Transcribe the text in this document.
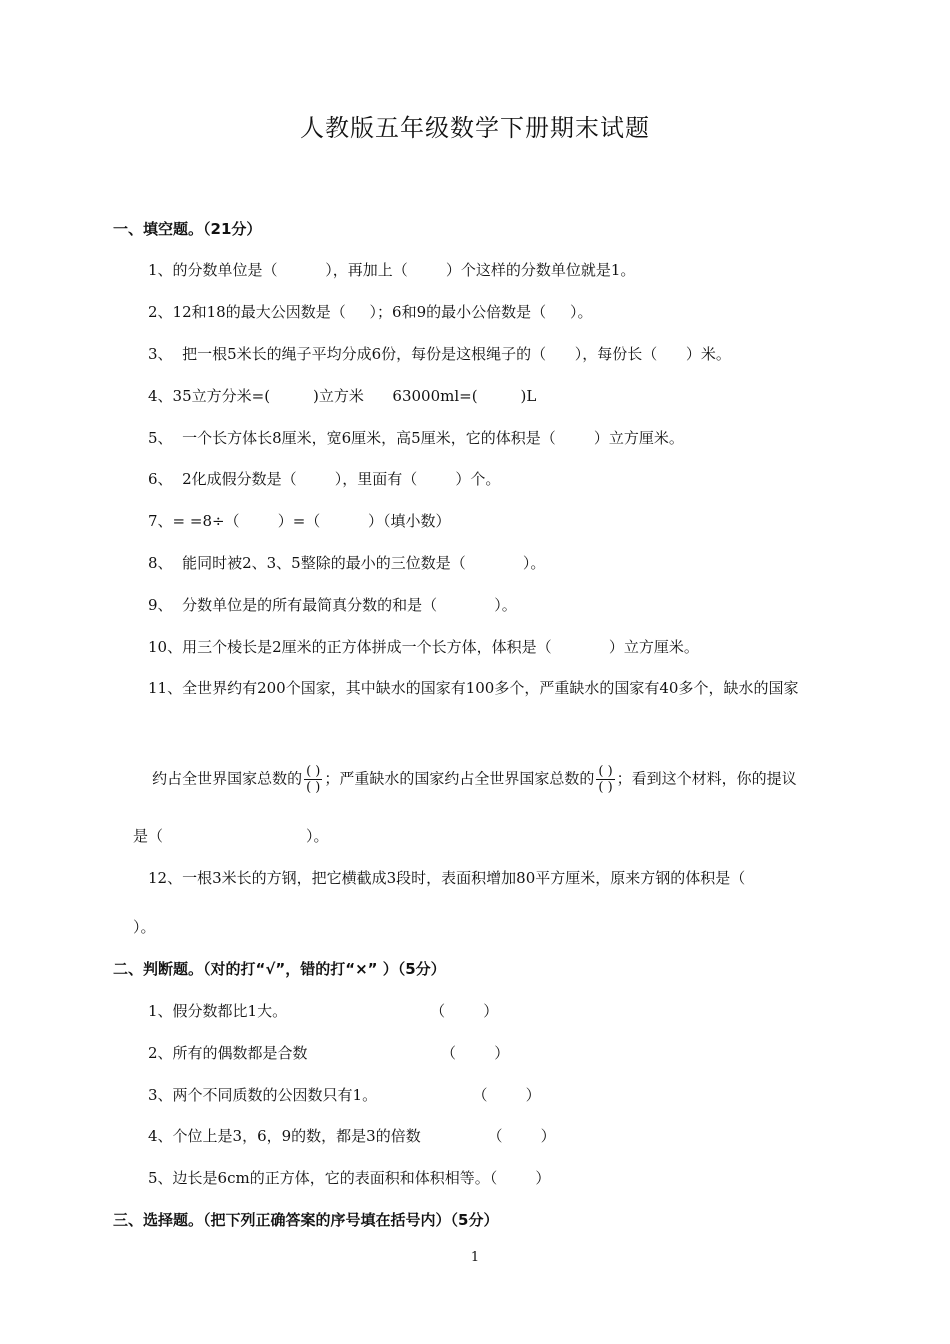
人教版五年级数学下册期末试题
一、填空题。（21分）
1、的分数单位是（          ），再加上（        ）个这样的分数单位就是1。
2、12和18的最大公因数是（     ）；6和9的最小公倍数是（     ）。
3、  把一根5米长的绳子平均分成6份，每份是这根绳子的（      ），每份长（      ）米。
4、35立方分米=(         )立方米      63000ml=(         )L
5、  一个长方体长8厘米，宽6厘米，高5厘米，它的体积是（        ）立方厘米。
6、  2化成假分数是（        ），里面有（        ）个。
7、= =8÷（        ）=（          ）（填小数）
8、  能同时被2、3、5整除的最小的三位数是（            ）。
9、  分数单位是的所有最简真分数的和是（            ）。
10、用三个棱长是2厘米的正方体拼成一个长方体，体积是（            ）立方厘米。
11、全世界约有200个国家，其中缺水的国家有100多个，严重缺水的国家有40多个，缺水的国家

约占全世界国家总数的 $\frac{( )}{( )}$ ；严重缺水的国家约占全世界国家总数的 $\frac{( )}{( )}$ ；看到这个材料，你的提议

是（                              ）。
12、一根3米长的方钢，把它横截成3段时，表面积增加80平方厘米，原来方钢的体积是（
）。
二、判断题。（对的打“√”，错的打“×” ）（5分）
1、假分数都比1大。                              （        ）
2、所有的偶数都是合数                            （        ）
3、两个不同质数的公因数只有1。                    （        ）
4、个位上是3，6，9的数，都是3的倍数              （        ）
5、边长是6cm的正方体，它的表面积和体积相等。（        ）
三、选择题。（把下列正确答案的序号填在括号内）（5分）
1
